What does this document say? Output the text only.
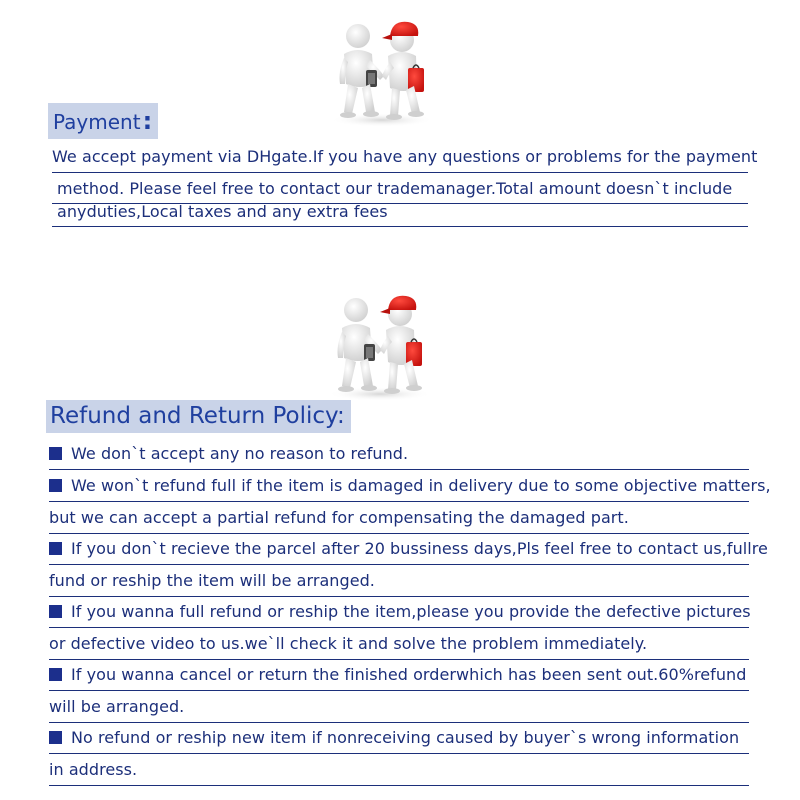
Payment:
We accept payment via DHgate.If you have any questions or problems for the payment
method. Please feel free to contact our trademanager.Total amount doesn`t include
anyduties,Local taxes and any extra fees
Refund and Return Policy:
We don`t accept any no reason to refund.
We won`t refund full if the item is damaged in delivery due to some objective matters,
but we can accept a partial refund for compensating the damaged part.
If you don`t recieve the parcel after 20 bussiness days,Pls feel free to contact us,fullre
fund or reship the item will be arranged.
If you wanna full refund or reship the item,please you provide the defective pictures
or defective video to us.we`ll check it and solve the problem immediately.
If you wanna cancel or return the finished orderwhich has been sent out.60%refund
will be arranged.
No refund or reship new item if nonreceiving caused by buyer`s wrong information
in address.
